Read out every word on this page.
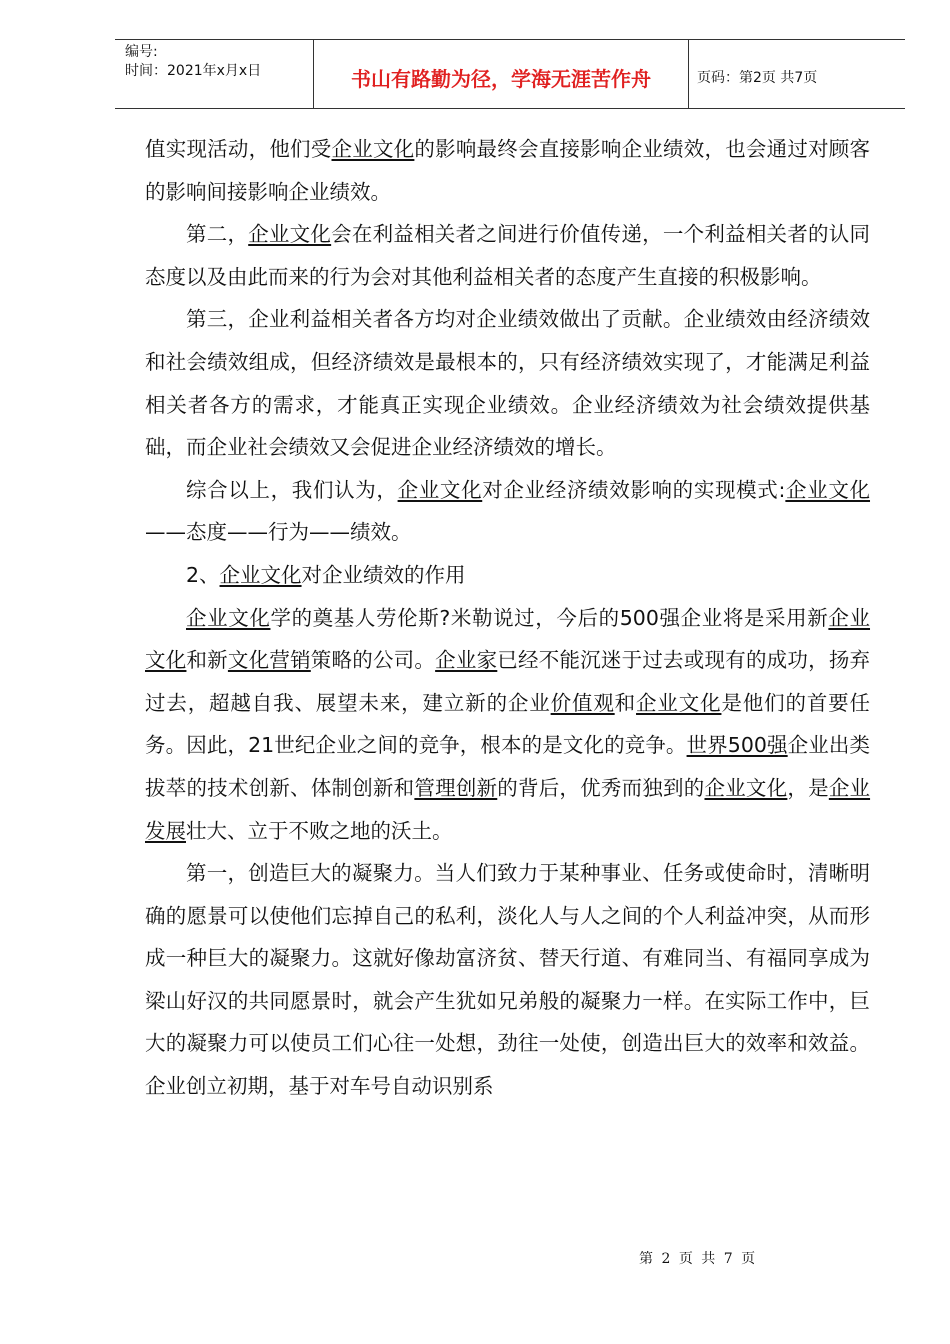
编号:
时间：2021年x月x日	书山有路勤为径，学海无涯苦作舟	页码：第2页 共7页

值实现活动，他们受企业文化的影响最终会直接影响企业绩效，也会通过对顾客的影响间接影响企业绩效。

第二，企业文化会在利益相关者之间进行价值传递，一个利益相关者的认同态度以及由此而来的行为会对其他利益相关者的态度产生直接的积极影响。

第三，企业利益相关者各方均对企业绩效做出了贡献。企业绩效由经济绩效和社会绩效组成，但经济绩效是最根本的，只有经济绩效实现了，才能满足利益相关者各方的需求，才能真正实现企业绩效。企业经济绩效为社会绩效提供基础，而企业社会绩效又会促进企业经济绩效的增长。

综合以上，我们认为，企业文化对企业经济绩效影响的实现模式:企业文化——态度——行为——绩效。

2、企业文化对企业绩效的作用

企业文化学的奠基人劳伦斯?米勒说过，今后的500强企业将是采用新企业文化和新文化营销策略的公司。企业家已经不能沉迷于过去或现有的成功，扬弃过去，超越自我、展望未来，建立新的企业价值观和企业文化是他们的首要任务。因此，21世纪企业之间的竞争，根本的是文化的竞争。世界500强企业出类拔萃的技术创新、体制创新和管理创新的背后，优秀而独到的企业文化，是企业发展壮大、立于不败之地的沃土。

第一，创造巨大的凝聚力。当人们致力于某种事业、任务或使命时，清晰明确的愿景可以使他们忘掉自己的私利，淡化人与人之间的个人利益冲突，从而形成一种巨大的凝聚力。这就好像劫富济贫、替天行道、有难同当、有福同享成为梁山好汉的共同愿景时，就会产生犹如兄弟般的凝聚力一样。在实际工作中，巨大的凝聚力可以使员工们心往一处想，劲往一处使，创造出巨大的效率和效益。企业创立初期，基于对车号自动识别系

第 2 页 共 7 页
